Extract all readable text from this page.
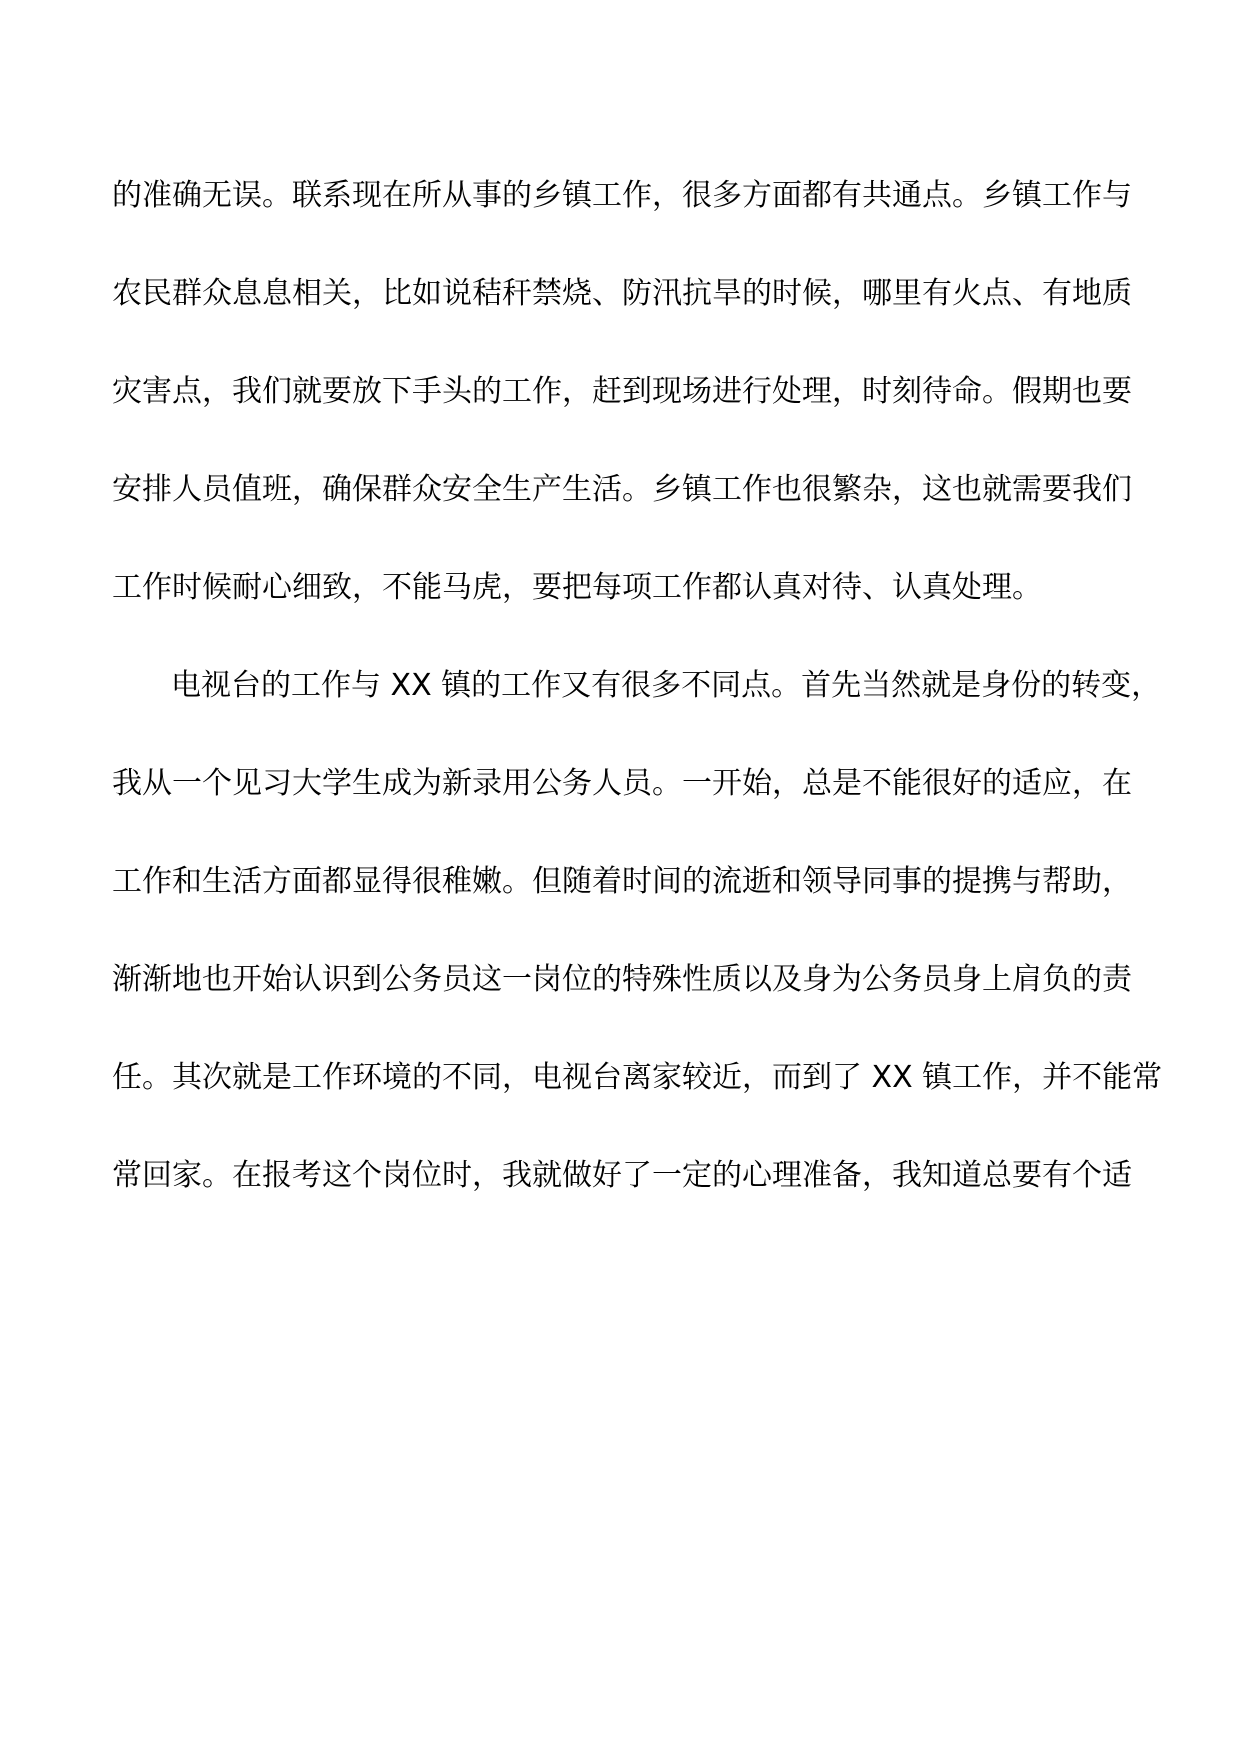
的准确无误。联系现在所从事的乡镇工作，很多方面都有共通点。乡镇工作与
农民群众息息相关，比如说秸秆禁烧、防汛抗旱的时候，哪里有火点、有地质
灾害点，我们就要放下手头的工作，赶到现场进行处理，时刻待命。假期也要
安排人员值班，确保群众安全生产生活。乡镇工作也很繁杂，这也就需要我们
工作时候耐心细致，不能马虎，要把每项工作都认真对待、认真处理。
电视台的工作与 XX 镇的工作又有很多不同点。首先当然就是身份的转变，
我从一个见习大学生成为新录用公务人员。一开始，总是不能很好的适应，在
工作和生活方面都显得很稚嫩。但随着时间的流逝和领导同事的提携与帮助，
渐渐地也开始认识到公务员这一岗位的特殊性质以及身为公务员身上肩负的责
任。其次就是工作环境的不同，电视台离家较近，而到了 XX 镇工作，并不能常
常回家。在报考这个岗位时，我就做好了一定的心理准备，我知道总要有个适
